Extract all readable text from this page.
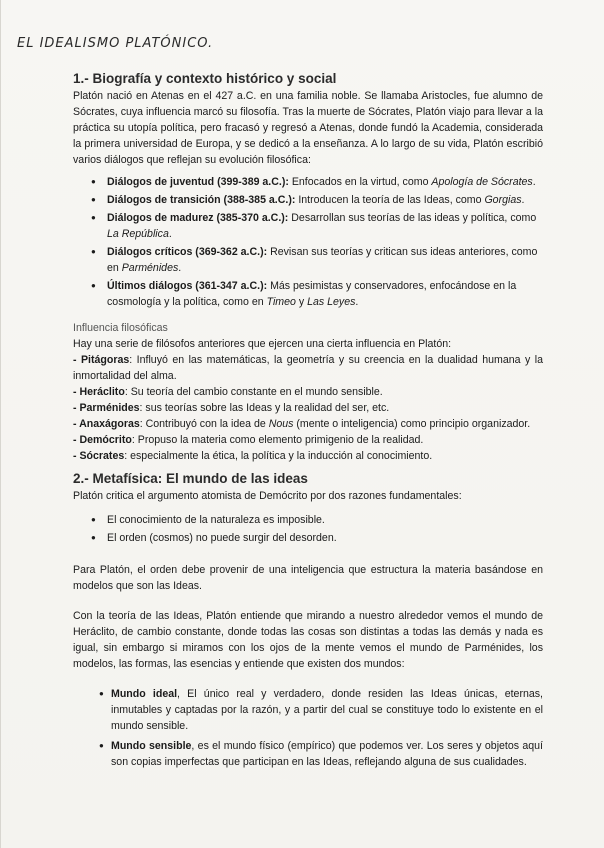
EL IDEALISMO PLATÓNICO.
1.- Biografía y contexto histórico y social

Platón nació en Atenas en el 427 a.C. en una familia noble. Se llamaba Aristocles, fue alumno de Sócrates, cuya influencia marcó su filosofía. Tras la muerte de Sócrates, Platón viajo para llevar a la práctica su utopía política, pero fracasó y regresó a Atenas, donde fundó la Academia, considerada la primera universidad de Europa, y se dedicó a la enseñanza. A lo largo de su vida, Platón escribió varios diálogos que reflejan su evolución filosófica:

● Diálogos de juventud (399-389 a.C.): Enfocados en la virtud, como Apología de Sócrates.
● Diálogos de transición (388-385 a.C.): Introducen la teoría de las Ideas, como Gorgias.
● Diálogos de madurez (385-370 a.C.): Desarrollan sus teorías de las ideas y política, como La República.
● Diálogos críticos (369-362 a.C.): Revisan sus teorías y critican sus ideas anteriores, como en Parménides.
● Últimos diálogos (361-347 a.C.): Más pesimistas y conservadores, enfocándose en la cosmología y la política, como en Timeo y Las Leyes.
Influencia filosóficas

Hay una serie de filósofos anteriores que ejercen una cierta influencia en Platón:

- Pitágoras: Influyó en las matemáticas, la geometría y su creencia en la dualidad humana y la inmortalidad del alma.

- Heráclito: Su teoría del cambio constante en el mundo sensible.

- Parménides: sus teorías sobre las Ideas y la realidad del ser, etc.

- Anaxágoras: Contribuyó con la idea de Nous (mente o inteligencia) como principio organizador.

- Demócrito: Propuso la materia como elemento primigenio de la realidad.

- Sócrates: especialmente la ética, la política y la inducción al conocimiento.

2.- Metafísica: El mundo de las ideas

Platón critica el argumento atomista de Demócrito por dos razones fundamentales:

● El conocimiento de la naturaleza es imposible.
● El orden (cosmos) no puede surgir del desorden.

Para Platón, el orden debe provenir de una inteligencia que estructura la materia basándose en modelos que son las Ideas.

Con la teoría de las Ideas, Platón entiende que mirando a nuestro alrededor vemos el mundo de Heráclito, de cambio constante, donde todas las cosas son distintas a todas las demás y nada es igual, sin embargo si miramos con los ojos de la mente vemos el mundo de Parménides, los modelos, las formas, las esencias y entiende que existen dos mundos:

● Mundo ideal, El único real y verdadero, donde residen las Ideas únicas, eternas, inmutables y captadas por la razón, y a partir del cual se constituye todo lo existente en el mundo sensible.
● Mundo sensible, es el mundo físico (empírico) que podemos ver. Los seres y objetos aquí son copias imperfectas que participan en las Ideas, reflejando alguna de sus cualidades.
